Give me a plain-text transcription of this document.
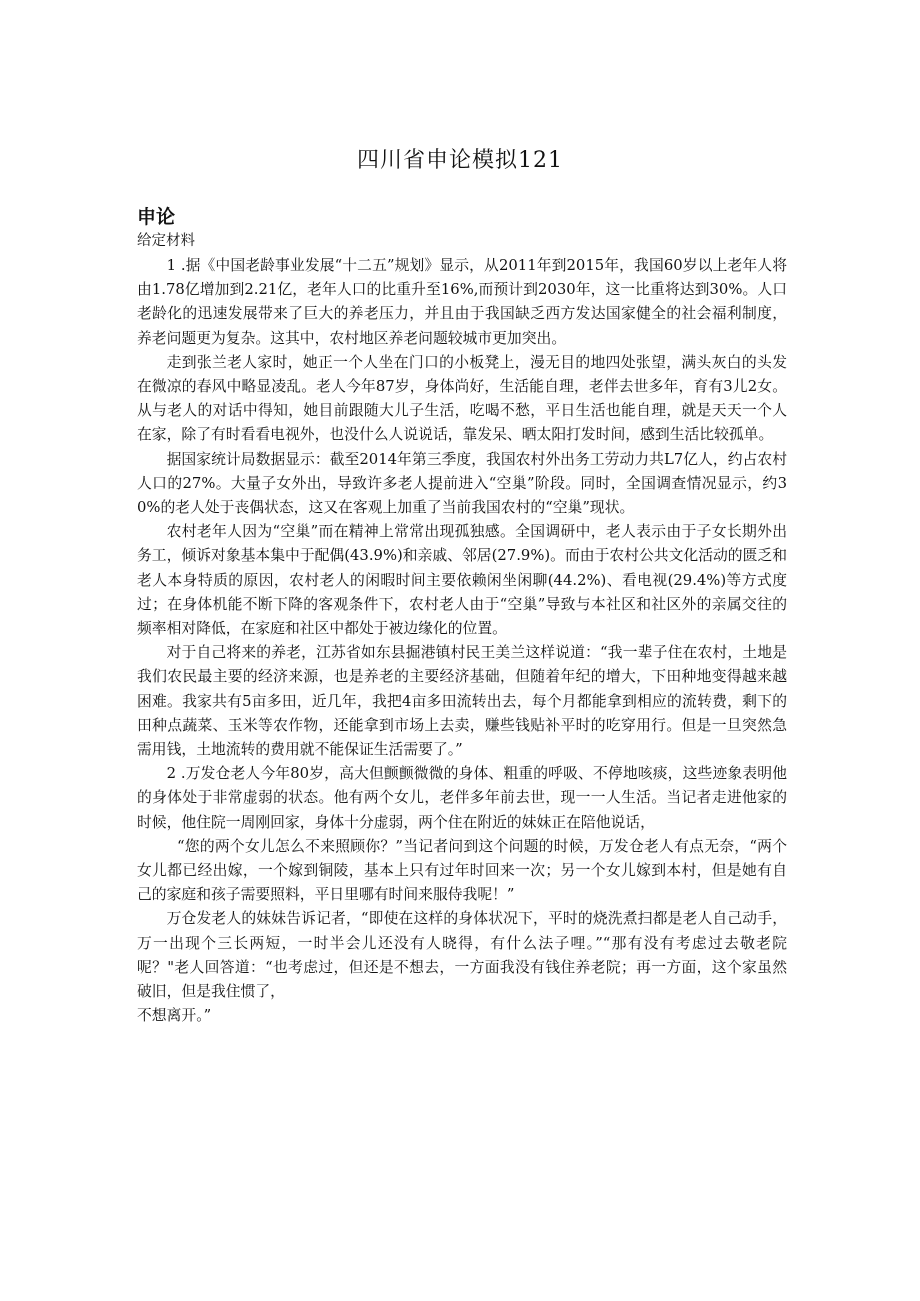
四川省申论模拟121

申论

给定材料

1 .据《中国老龄事业发展“十二五”规划》显示，从2011年到2015年，我国60岁以上老年人将由1.78亿增加到2.21亿，老年人口的比重升至16%,而预计到2030年，这一比重将达到30%。人口老龄化的迅速发展带来了巨大的养老压力，并且由于我国缺乏西方发达国家健全的社会福利制度，养老问题更为复杂。这其中，农村地区养老问题较城市更加突出。

走到张兰老人家时，她正一个人坐在门口的小板凳上，漫无目的地四处张望，满头灰白的头发在微凉的春风中略显凌乱。老人今年87岁，身体尚好，生活能自理，老伴去世多年，育有3儿2女。从与老人的对话中得知，她目前跟随大儿子生活，吃喝不愁，平日生活也能自理，就是天天一个人在家，除了有时看看电视外，也没什么人说说话，靠发呆、晒太阳打发时间，感到生活比较孤单。

据国家统计局数据显示：截至2014年第三季度，我国农村外出务工劳动力共L7亿人，约占农村人口的27%。大量子女外出，导致许多老人提前进入“空巢”阶段。同时，全国调查情况显示，约30%的老人处于丧偶状态，这又在客观上加重了当前我国农村的“空巢”现状。

农村老年人因为“空巢”而在精神上常常出现孤独感。全国调研中，老人表示由于子女长期外出务工，倾诉对象基本集中于配偶(43.9%)和亲戚、邻居(27.9%)。而由于农村公共文化活动的匮乏和老人本身特质的原因，农村老人的闲暇时间主要依赖闲坐闲聊(44.2%)、看电视(29.4%)等方式度过；在身体机能不断下降的客观条件下，农村老人由于“空巢”导致与本社区和社区外的亲属交往的频率相对降低，在家庭和社区中都处于被边缘化的位置。

对于自己将来的养老，江苏省如东县掘港镇村民王美兰这样说道：“我一辈子住在农村，土地是我们农民最主要的经济来源，也是养老的主要经济基础，但随着年纪的增大，下田种地变得越来越困难。我家共有5亩多田，近几年，我把4亩多田流转出去，每个月都能拿到相应的流转费，剩下的田种点蔬菜、玉米等农作物，还能拿到市场上去卖，赚些钱贴补平时的吃穿用行。但是一旦突然急需用钱，土地流转的费用就不能保证生活需要了。”

2 .万发仓老人今年80岁，高大但颤颤微微的身体、粗重的呼吸、不停地咳痰，这些迹象表明他的身体处于非常虚弱的状态。他有两个女儿，老伴多年前去世，现一一人生活。当记者走进他家的时候，他住院一周刚回家，身体十分虚弱，两个住在附近的妹妹正在陪他说话，

“您的两个女儿怎么不来照顾你？”当记者问到这个问题的时候，万发仓老人有点无奈，“两个女儿都已经出嫁，一个嫁到铜陵，基本上只有过年时回来一次；另一个女儿嫁到本村，但是她有自己的家庭和孩子需要照料，平日里哪有时间来服侍我呢！”

万仓发老人的妹妹告诉记者，“即使在这样的身体状况下，平时的烧洗煮扫都是老人自己动手，万一出现个三长两短，一时半会儿还没有人晓得，有什么法子哩。”“那有没有考虑过去敬老院呢？"老人回答道：“也考虑过，但还是不想去，一方面我没有钱住养老院；再一方面，这个家虽然破旧，但是我住惯了，

不想离开。”
